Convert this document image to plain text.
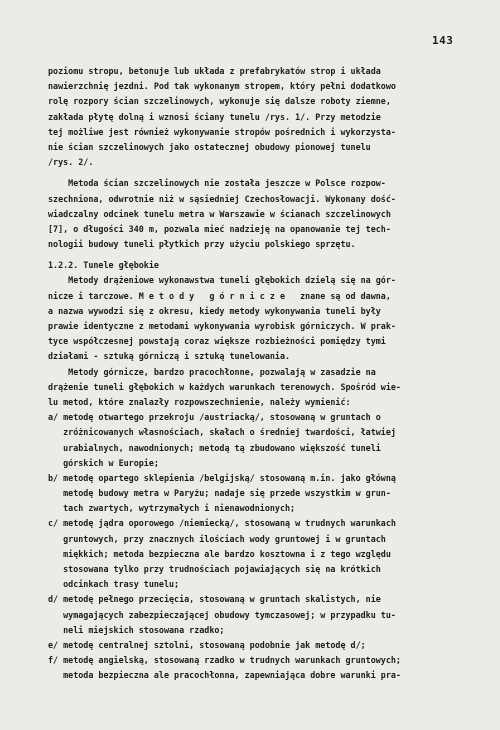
143
poziomu stropu, betonuje lub układa z prefabrykatów strop i układa
nawierzchnię jezdni. Pod tak wykonanym stropem, który pełni dodatkowo
rolę rozpory ścian szczelinowych, wykonuje się dalsze roboty ziemne,
zakłada płytę dolną i wznosi ściany tunelu /rys. 1/. Przy metodzie
tej możliwe jest również wykonywanie stropów pośrednich i wykorzysta-
nie ścian szczelinowych jako ostatecznej obudowy pionowej tunelu
/rys. 2/.
Metoda ścian szczelinowych nie została jeszcze w Polsce rozpow-
szechniona, odwrotnie niż w sąsiedniej Czechosłowacji. Wykonany dość-
wiadczalny odcinek tunelu metra w Warszawie w ścianach szczelinowych
[7], o długości 340 m, pozwala mieć nadzieję na opanowanie tej tech-
nologii budowy tuneli płytkich przy użyciu polskiego sprzętu.
1.2.2. Tunele głębokie
Metody drążeniowe wykonawstwa tuneli głębokich dzielą się na gór-
nicze i tarczowe. M e t o d y   g ó r n i c z e   znane są od dawna,
a nazwa wywodzi się z okresu, kiedy metody wykonywania tuneli były
prawie identyczne z metodami wykonywania wyrobisk górniczych. W prak-
tyce współczesnej powstają coraz większe rozbieżności pomiędzy tymi
działami - sztuką górniczą i sztuką tunelowania.
Metody górnicze, bardzo pracochłonne, pozwalają w zasadzie na
drążenie tuneli głębokich w każdych warunkach terenowych. Spośród wie-
lu metod, które znalazły rozpowszechnienie, należy wymienić:
a/ metodę otwartego przekroju /austriacką/, stosowaną w gruntach o
zróżnicowanych własnościach, skałach o średniej twardości, łatwiej
urabialnych, nawodnionych; metodą tą zbudowano większość tuneli
górskich w Europie;
b/ metodę opartego sklepienia /belgijską/ stosowaną m.in. jako główną
metodę budowy metra w Paryżu; nadaje się przede wszystkim w grun-
tach zwartych, wytrzymałych i nienawodnionych;
c/ metodę jądra oporowego /niemiecką/, stosowaną w trudnych warunkach
gruntowych, przy znacznych ilościach wody gruntowej i w gruntach
miękkich; metoda bezpieczna ale bardzo kosztowna i z tego względu
stosowana tylko przy trudnościach pojawiających się na krótkich
odcinkach trasy tunelu;
d/ metodę pełnego przecięcia, stosowaną w gruntach skalistych, nie
wymagających zabezpieczającej obudowy tymczasowej; w przypadku tu-
neli miejskich stosowana rzadko;
e/ metodę centralnej sztolni, stosowaną podobnie jak metodę d/;
f/ metodę angielską, stosowaną rzadko w trudnych warunkach gruntowych;
metoda bezpieczna ale pracochłonna, zapewniająca dobre warunki pra-
